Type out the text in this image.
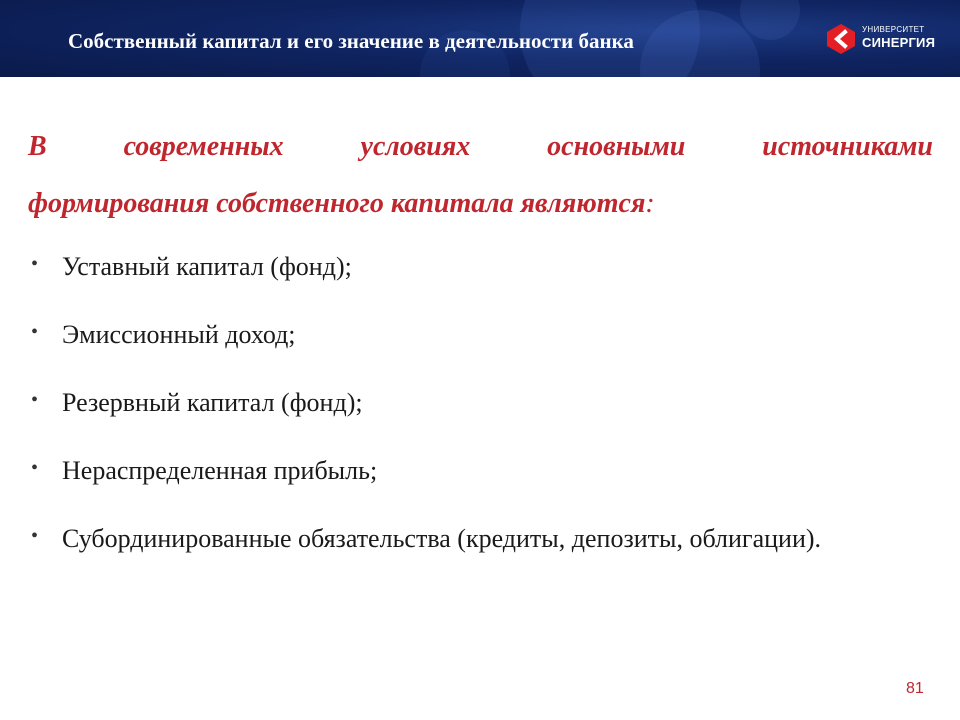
Собственный капитал и его значение в деятельности банка	УНИВЕРСИТЕТ
СИНЕРГИЯ
В	современных	условиях	основными	источниками
формирования собственного капитала являются:
• Уставный капитал (фонд);
• Эмиссионный доход;
• Резервный капитал (фонд);
• Нераспределенная прибыль;
• Субординированные обязательства (кредиты, депозиты, облигации).
81
